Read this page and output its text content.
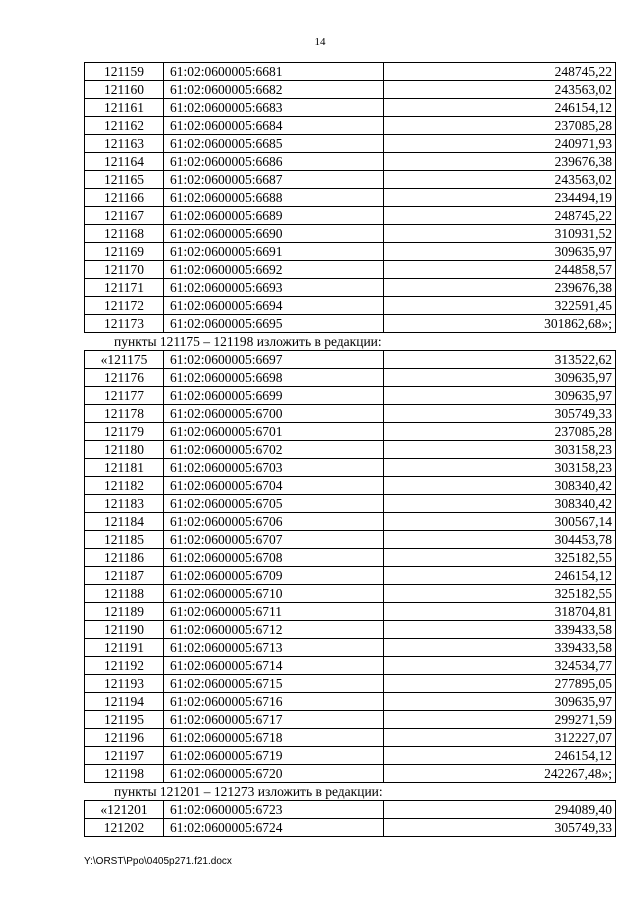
14
121159	61:02:0600005:6681	248745,22
121160	61:02:0600005:6682	243563,02
121161	61:02:0600005:6683	246154,12
121162	61:02:0600005:6684	237085,28
121163	61:02:0600005:6685	240971,93
121164	61:02:0600005:6686	239676,38
121165	61:02:0600005:6687	243563,02
121166	61:02:0600005:6688	234494,19
121167	61:02:0600005:6689	248745,22
121168	61:02:0600005:6690	310931,52
121169	61:02:0600005:6691	309635,97
121170	61:02:0600005:6692	244858,57
121171	61:02:0600005:6693	239676,38
121172	61:02:0600005:6694	322591,45
121173	61:02:0600005:6695	301862,68»;
пункты 121175 – 121198 изложить в редакции:
«121175	61:02:0600005:6697	313522,62
121176	61:02:0600005:6698	309635,97
121177	61:02:0600005:6699	309635,97
121178	61:02:0600005:6700	305749,33
121179	61:02:0600005:6701	237085,28
121180	61:02:0600005:6702	303158,23
121181	61:02:0600005:6703	303158,23
121182	61:02:0600005:6704	308340,42
121183	61:02:0600005:6705	308340,42
121184	61:02:0600005:6706	300567,14
121185	61:02:0600005:6707	304453,78
121186	61:02:0600005:6708	325182,55
121187	61:02:0600005:6709	246154,12
121188	61:02:0600005:6710	325182,55
121189	61:02:0600005:6711	318704,81
121190	61:02:0600005:6712	339433,58
121191	61:02:0600005:6713	339433,58
121192	61:02:0600005:6714	324534,77
121193	61:02:0600005:6715	277895,05
121194	61:02:0600005:6716	309635,97
121195	61:02:0600005:6717	299271,59
121196	61:02:0600005:6718	312227,07
121197	61:02:0600005:6719	246154,12
121198	61:02:0600005:6720	242267,48»;
пункты 121201 – 121273 изложить в редакции:
«121201	61:02:0600005:6723	294089,40
121202	61:02:0600005:6724	305749,33
Y:\ORST\Ppo\0405p271.f21.docx
